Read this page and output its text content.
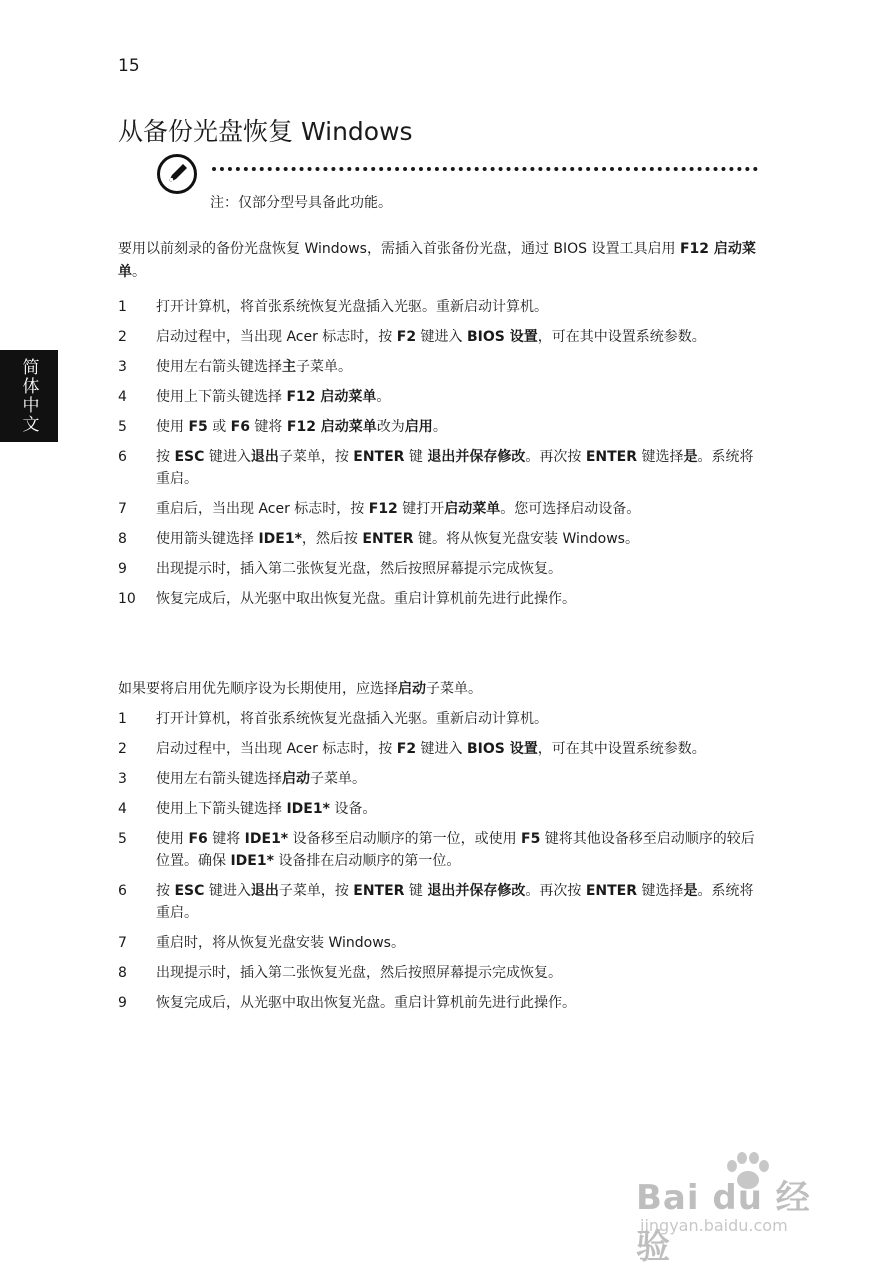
15
从备份光盘恢复 Windows
注：仅部分型号具备此功能。

要用以前刻录的备份光盘恢复 Windows，需插入首张备份光盘，通过 BIOS 设置工具启用 F12 启动菜单。

1 打开计算机，将首张系统恢复光盘插入光驱。重新启动计算机。
2 启动过程中，当出现 Acer 标志时，按 F2 键进入 BIOS 设置，可在其中设置系统参数。
3 使用左右箭头键选择主子菜单。
4 使用上下箭头键选择 F12 启动菜单。
5 使用 F5 或 F6 键将 F12 启动菜单改为启用。
6 按 ESC 键进入退出子菜单，按 ENTER 键 退出并保存修改。再次按 ENTER 键选择是。系统将重启。
7 重启后，当出现 Acer 标志时，按 F12 键打开启动菜单。您可选择启动设备。
8 使用箭头键选择 IDE1*，然后按 ENTER 键。将从恢复光盘安装 Windows。
9 出现提示时，插入第二张恢复光盘，然后按照屏幕提示完成恢复。
10 恢复完成后，从光驱中取出恢复光盘。重启计算机前先进行此操作。

如果要将启用优先顺序设为长期使用，应选择启动子菜单。

1 打开计算机，将首张系统恢复光盘插入光驱。重新启动计算机。
2 启动过程中，当出现 Acer 标志时，按 F2 键进入 BIOS 设置，可在其中设置系统参数。
3 使用左右箭头键选择启动子菜单。
4 使用上下箭头键选择 IDE1* 设备。
5 使用 F6 键将 IDE1* 设备移至启动顺序的第一位，或使用 F5 键将其他设备移至启动顺序的较后位置。确保 IDE1* 设备排在启动顺序的第一位。
6 按 ESC 键进入退出子菜单，按 ENTER 键 退出并保存修改。再次按 ENTER 键选择是。系统将重启。
7 重启时，将从恢复光盘安装 Windows。
8 出现提示时，插入第二张恢复光盘，然后按照屏幕提示完成恢复。
9 恢复完成后，从光驱中取出恢复光盘。重启计算机前先进行此操作。
简体中文
Bai du 经验
jingyan.baidu.com
